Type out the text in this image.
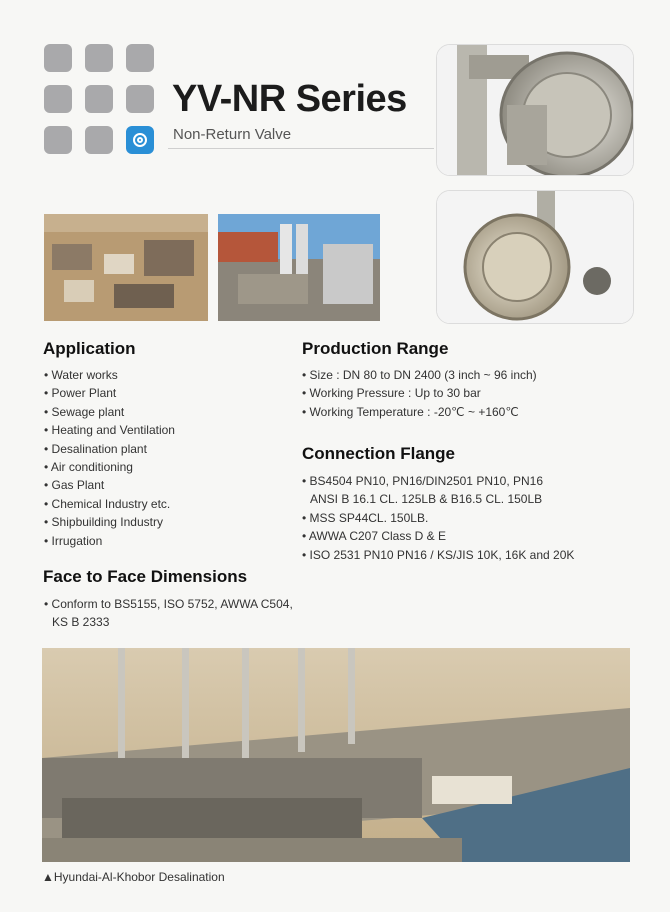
YV-NR Series
Non-Return Valve
Application
• Water works
• Power Plant
• Sewage plant
• Heating and Ventilation
• Desalination plant
• Air conditioning
• Gas Plant
• Chemical Industry etc.
• Shipbuilding Industry
• Irrugation
Face to Face Dimensions
• Conform to BS5155, ISO 5752, AWWA C504,
KS B 2333
Production Range
• Size : DN 80 to DN 2400 (3 inch ~ 96 inch)
• Working Pressure : Up to 30 bar
• Working Temperature : -20℃ ~ +160℃
Connection Flange
• BS4504 PN10, PN16/DIN2501 PN10, PN16
ANSI B 16.1 CL. 125LB & B16.5 CL. 150LB
• MSS SP44CL. 150LB.
• AWWA C207 Class D & E
• ISO 2531 PN10 PN16 / KS/JIS 10K, 16K and 20K
▲Hyundai-Al-Khobor Desalination
